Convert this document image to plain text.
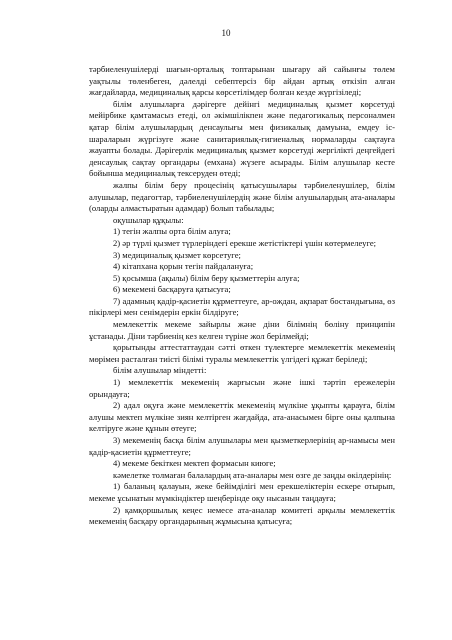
10

тәрбиеленушілерді шағын-орталық топтарынан шығару ай сайынғы төлем уақтылы төленбеген, дәлелді себептерсіз бір айдан артық өткізіп алған жағдайларда, медициналық қарсы көрсетілімдер болған кезде жүргізіледі;

білім алушыларға дәрігерге дейінгі медициналық қызмет көрсетуді мейірбике қамтамасыз етеді, ол әкімшілікпен және педагогикалық персоналмен қатар білім алушылардың денсаулығы мен физикалық дамуына, емдеу іс-шараларын жүргізуге және санитариялық-гигиеналық нормаларды сақтауға жауапты болады. Дәрігерлік медициналық қызмет көрсетуді жергілікті деңгейдегі денсаулық сақтау органдары (емхана) жүзеге асырады. Білім алушылар кесте бойынша медициналық тексеруден өтеді;

жалпы білім беру процесінің қатысушылары тәрбиеленушілер, білім алушылар, педагогтар, тәрбиеленушілердің және білім алушылардың ата-аналары (оларды алмастыратын адамдар) болып табылады;

оқушылар құқылы:

1) тегін жалпы орта білім алуға;

2) әр түрлі қызмет түрлеріндегі ерекше жетістіктері үшін көтермелеуге;

3) медициналық қызмет көрсетуге;

4) кітапхана қорын тегін пайдалануға;

5) қосымша (ақылы) білім беру қызметтерін алуға;

6) мекемені басқаруға қатысуға;

7) адамның қадір-қасиетін құрметтеуге, ар-ождан, ақпарат бостандығына, өз пікірлері мен сенімдерін еркін білдіруге;

мемлекеттік мекеме зайырлы және діни білімнің бөліну принципін ұстанады. Діни тәрбиенің кез келген түріне жол берілмейді;

қорытынды аттестаттаудан сәтті өткен түлектерге мемлекеттік мекеменің мөрімен расталған тиісті білімі туралы мемлекеттік үлгідегі құжат беріледі;

білім алушылар міндетті:

1) мемлекеттік мекеменің жарғысын және ішкі тәртіп ережелерін орындауға;

2) адал оқуға және мемлекеттік мекеменің мүлкіне ұқыпты қарауға, білім алушы мектеп мүлкіне зиян келтірген жағдайда, ата-анасымен бірге оны қалпына келтіруге және құнын өтеуге;

3) мекеменің басқа білім алушылары мен қызметкерлерінің ар-намысы мен қадір-қасиетін құрметтеуге;

4) мекеме бекіткен мектеп формасын киюге;

кәмелетке толмаған балалардың ата-аналары мен өзге де заңды өкілдерінің:

1) баланың қалауын, жеке бейімділігі мен ерекшеліктерін ескере отырып, мекеме ұсынатын мүмкіндіктер шеңберінде оқу нысанын таңдауға;

2) қамқоршылық кеңес немесе ата-аналар комитеті арқылы мемлекеттік мекеменің басқару органдарының жұмысына қатысуға;
